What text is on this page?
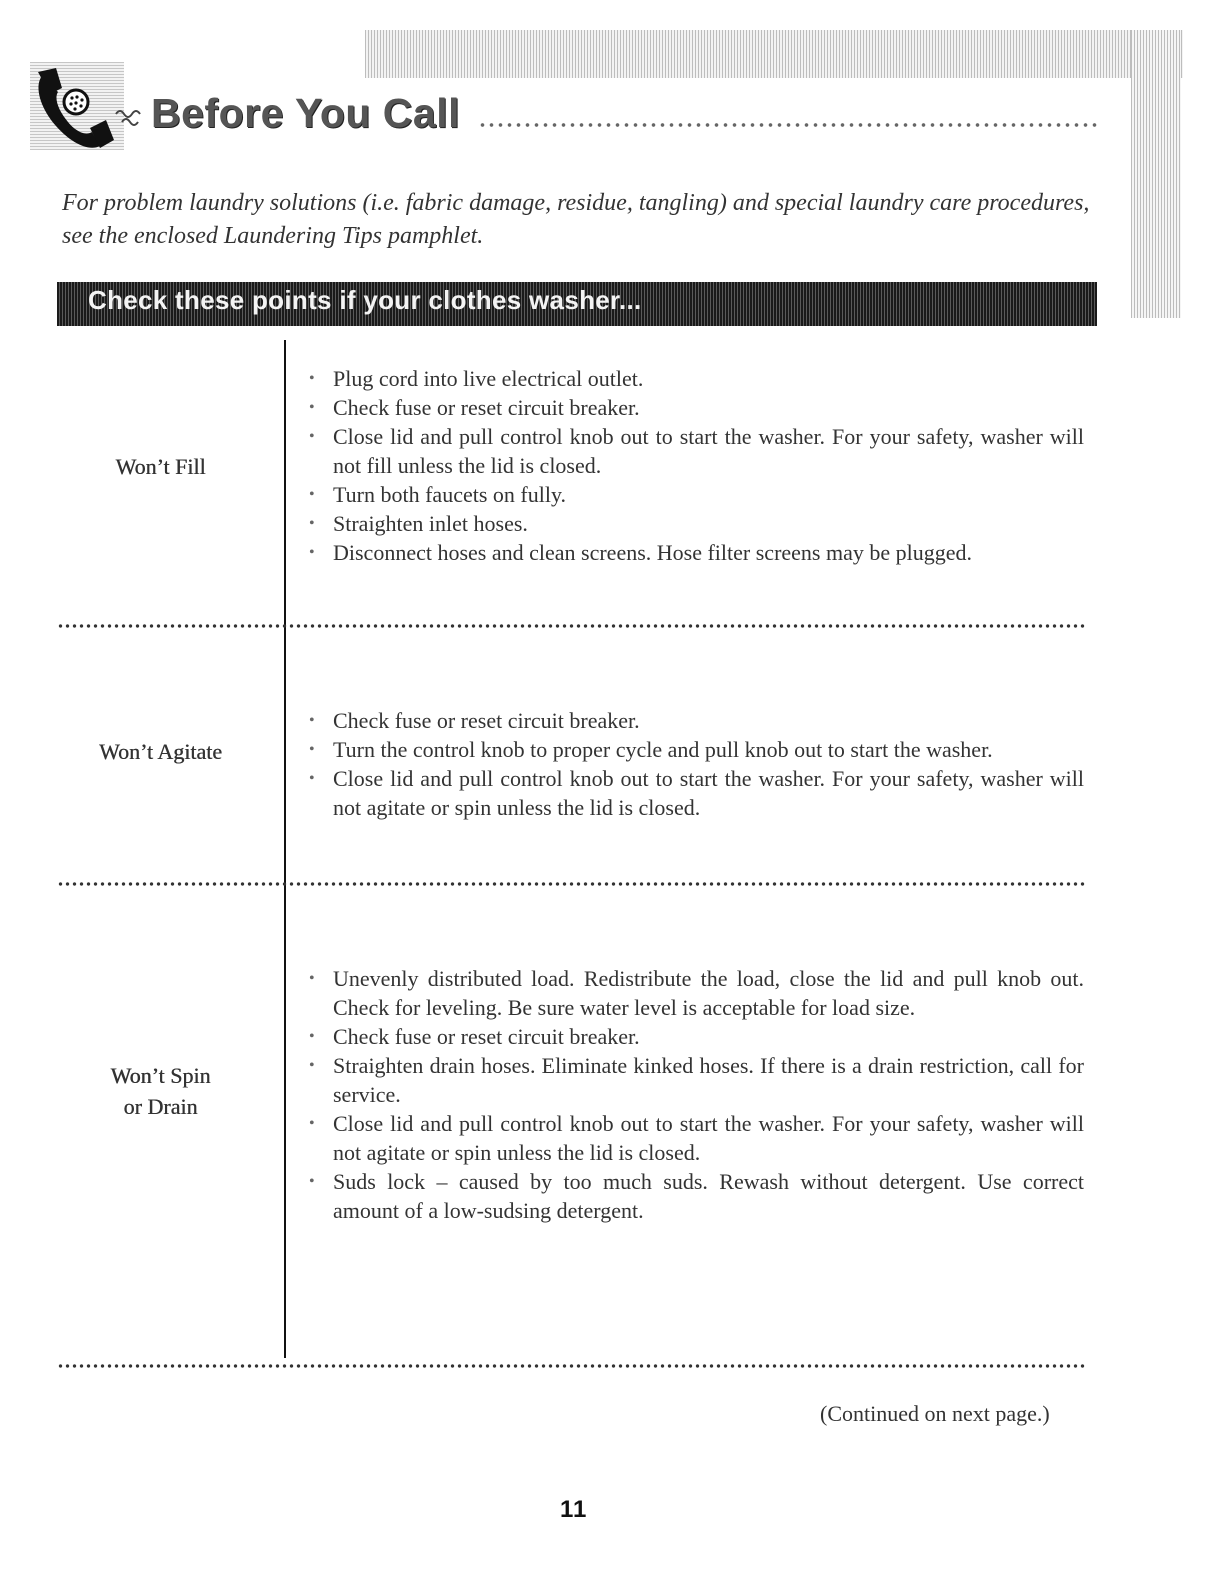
Before You Call

For problem laundry solutions (i.e. fabric damage, residue, tangling) and special laundry care procedures, see the enclosed Laundering Tips pamphlet.

Check these points if your clothes washer...

Won’t Fill
• Plug cord into live electrical outlet.
• Check fuse or reset circuit breaker.
• Close lid and pull control knob out to start the washer. For your safety, washer will not fill unless the lid is closed.
• Turn both faucets on fully.
• Straighten inlet hoses.
• Disconnect hoses and clean screens. Hose filter screens may be plugged.
Won’t Agitate
• Check fuse or reset circuit breaker.
• Turn the control knob to proper cycle and pull knob out to start the washer.
• Close lid and pull control knob out to start the washer. For your safety, washer will not agitate or spin unless the lid is closed.
Won’t Spin
or Drain
• Unevenly distributed load. Redistribute the load, close the lid and pull knob out. Check for leveling. Be sure water level is acceptable for load size.
• Check fuse or reset circuit breaker.
• Straighten drain hoses. Eliminate kinked hoses. If there is a drain restriction, call for service.
• Close lid and pull control knob out to start the washer. For your safety, washer will not agitate or spin unless the lid is closed.
• Suds lock – caused by too much suds. Rewash without detergent. Use correct amount of a low-sudsing detergent.

(Continued on next page.)

11
